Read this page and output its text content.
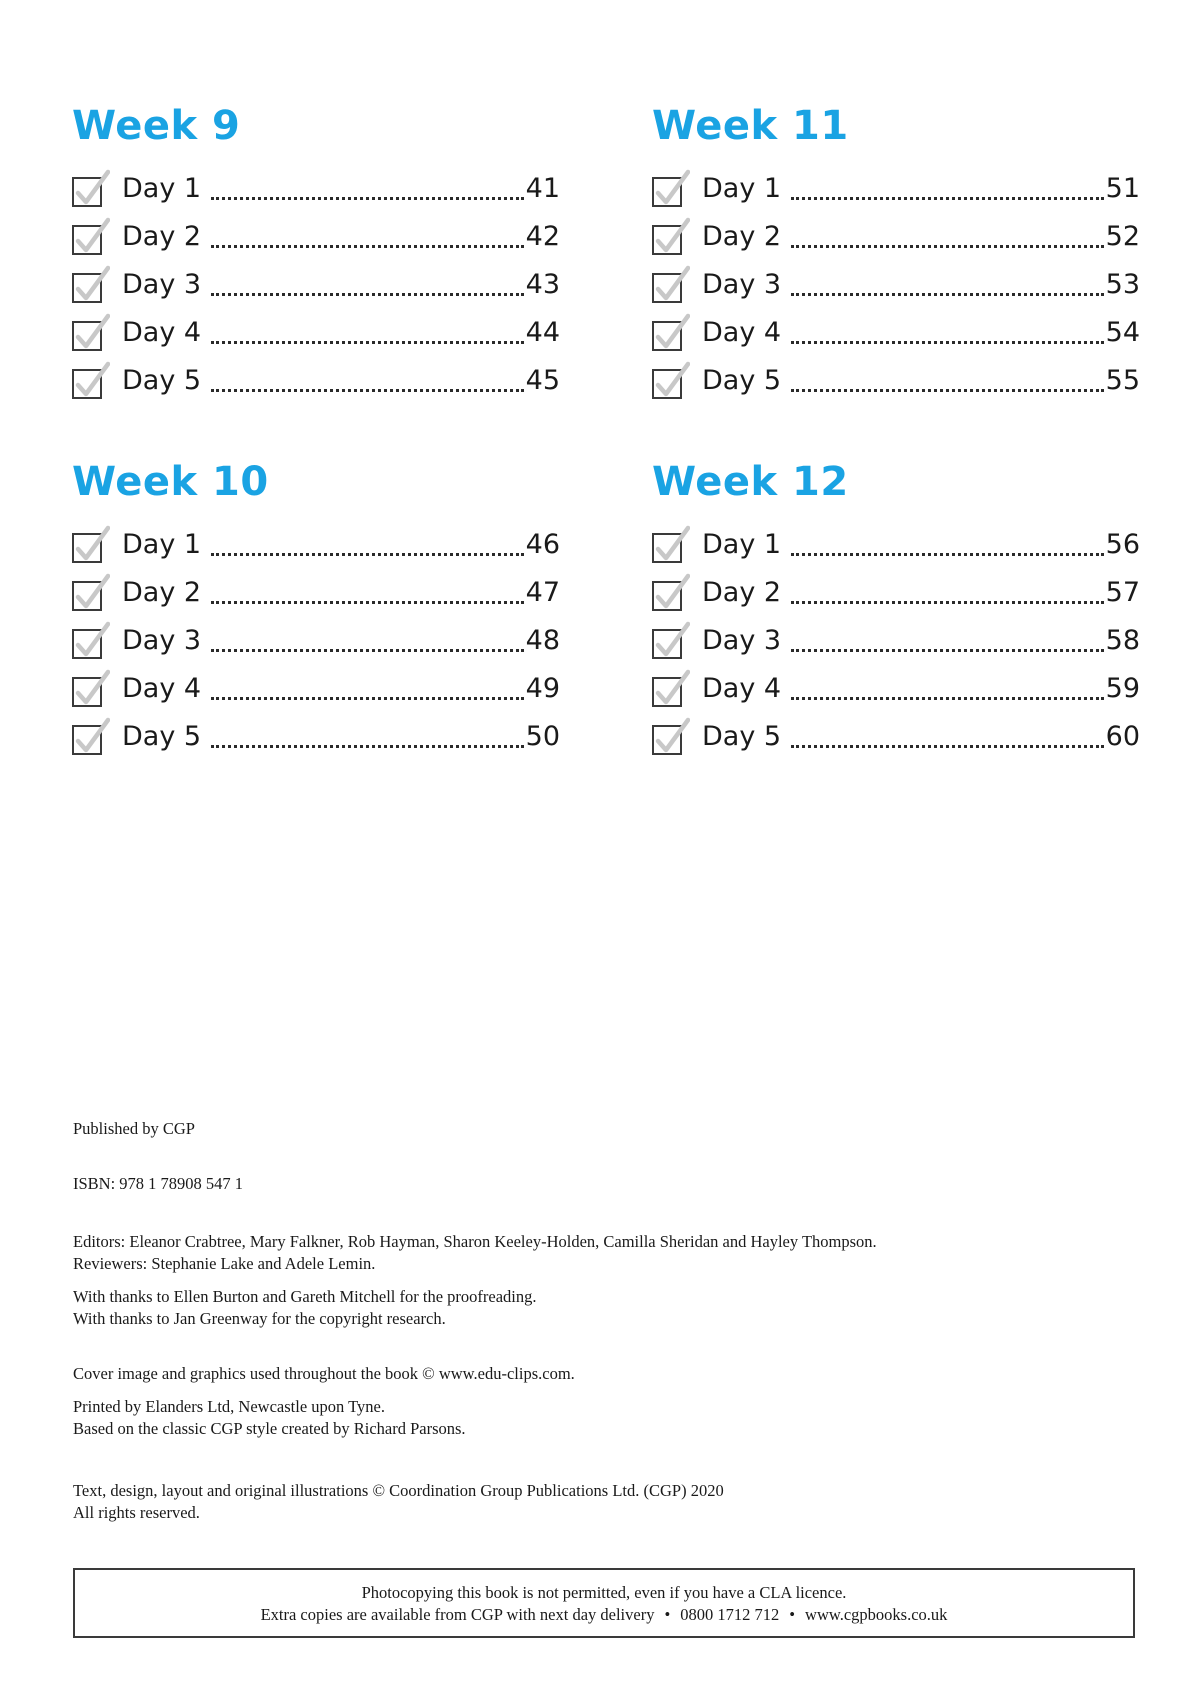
Week 9
Day 1	41
Day 2	42
Day 3	43
Day 4	44
Day 5	45
Week 11
Day 1	51
Day 2	52
Day 3	53
Day 4	54
Day 5	55
Week 10
Day 1	46
Day 2	47
Day 3	48
Day 4	49
Day 5	50
Week 12
Day 1	56
Day 2	57
Day 3	58
Day 4	59
Day 5	60

Published by CGP

ISBN: 978 1 78908 547 1

Editors: Eleanor Crabtree, Mary Falkner, Rob Hayman, Sharon Keeley-Holden, Camilla Sheridan and Hayley Thompson.

Reviewers: Stephanie Lake and Adele Lemin.

With thanks to Ellen Burton and Gareth Mitchell for the proofreading.

With thanks to Jan Greenway for the copyright research.

Cover image and graphics used throughout the book © www.edu-clips.com.

Printed by Elanders Ltd, Newcastle upon Tyne.

Based on the classic CGP style created by Richard Parsons.

Text, design, layout and original illustrations © Coordination Group Publications Ltd. (CGP) 2020

All rights reserved.

Photocopying this book is not permitted, even if you have a CLA licence.
Extra copies are available from CGP with next day delivery • 0800 1712 712 • www.cgpbooks.co.uk
